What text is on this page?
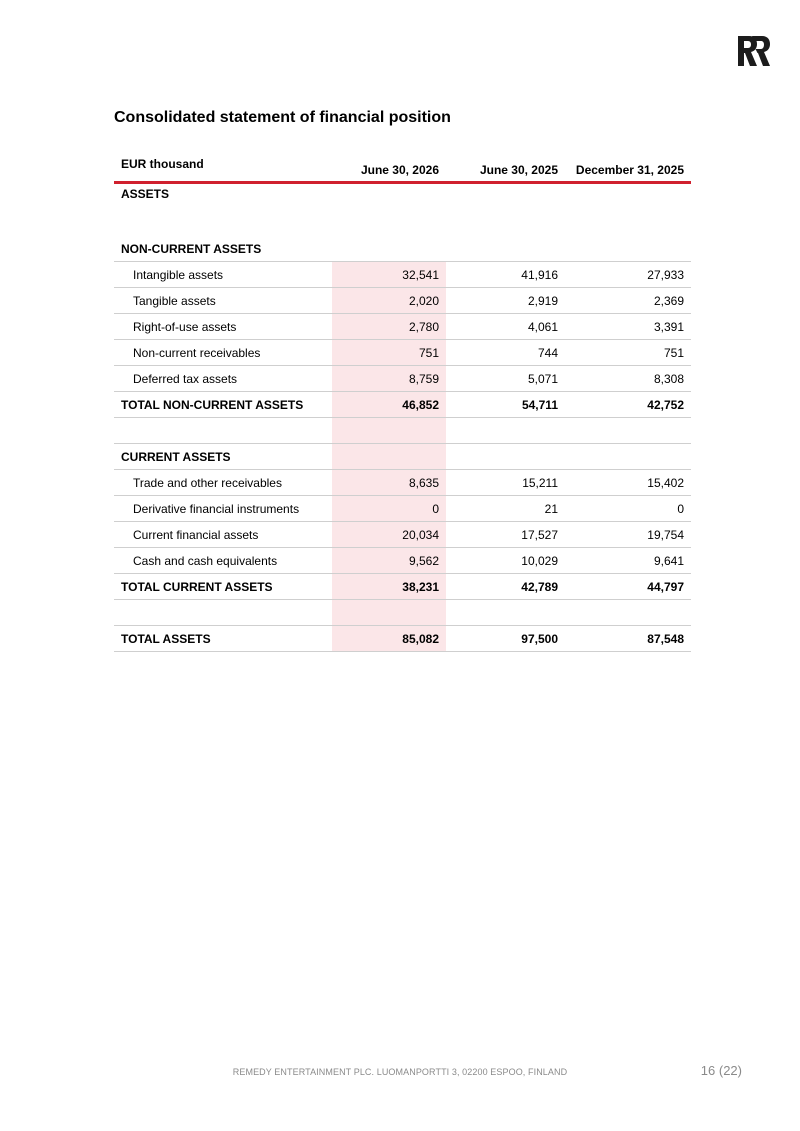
Consolidated statement of financial position
EUR thousand	June 30, 2026	June 30, 2025	December 31, 2025
ASSETS			

NON-CURRENT ASSETS			
Intangible assets	32,541	41,916	27,933
Tangible assets	2,020	2,919	2,369
Right-of-use assets	2,780	4,061	3,391
Non-current receivables	751	744	751
Deferred tax assets	8,759	5,071	8,308
TOTAL NON-CURRENT ASSETS	46,852	54,711	42,752

CURRENT ASSETS			
Trade and other receivables	8,635	15,211	15,402
Derivative financial instruments	0	21	0
Current financial assets	20,034	17,527	19,754
Cash and cash equivalents	9,562	10,029	9,641
TOTAL CURRENT ASSETS	38,231	42,789	44,797

TOTAL ASSETS	85,082	97,500	87,548
REMEDY ENTERTAINMENT PLC. LUOMANPORTTI 3, 02200 ESPOO, FINLAND	16 (22)
